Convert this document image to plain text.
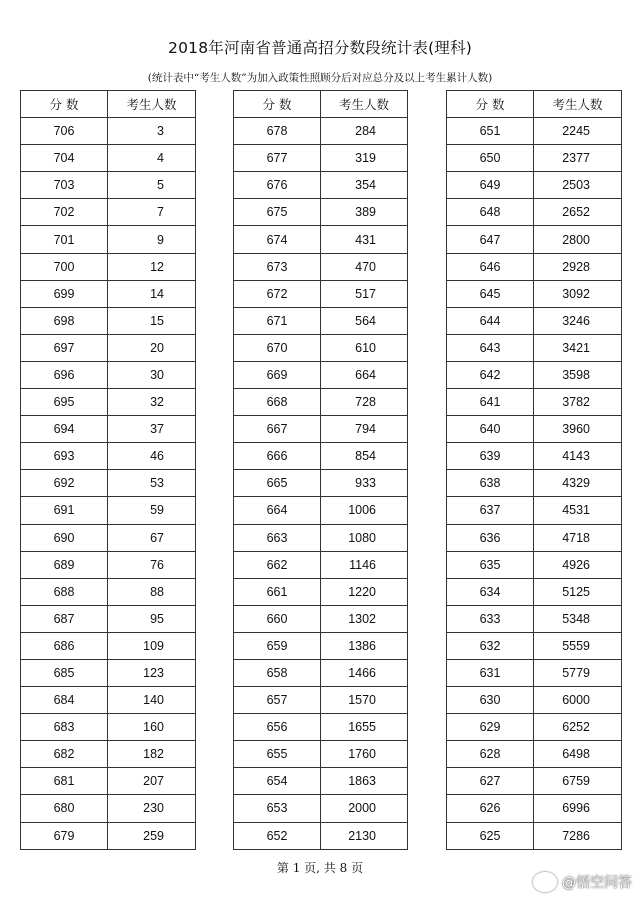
2018年河南省普通高招分数段统计表(理科)
(统计表中“考生人数”为加入政策性照顾分后对应总分及以上考生累计人数)
分 数	考生人数
706	3
704	4
703	5
702	7
701	9
700	12
699	14
698	15
697	20
696	30
695	32
694	37
693	46
692	53
691	59
690	67
689	76
688	88
687	95
686	109
685	123
684	140
683	160
682	182
681	207
680	230
679	259
分 数	考生人数
678	284
677	319
676	354
675	389
674	431
673	470
672	517
671	564
670	610
669	664
668	728
667	794
666	854
665	933
664	1006
663	1080
662	1146
661	1220
660	1302
659	1386
658	1466
657	1570
656	1655
655	1760
654	1863
653	2000
652	2130
分 数	考生人数
651	2245
650	2377
649	2503
648	2652
647	2800
646	2928
645	3092
644	3246
643	3421
642	3598
641	3782
640	3960
639	4143
638	4329
637	4531
636	4718
635	4926
634	5125
633	5348
632	5559
631	5779
630	6000
629	6252
628	6498
627	6759
626	6996
625	7286
第 1 页, 共 8 页
@悟空问答
